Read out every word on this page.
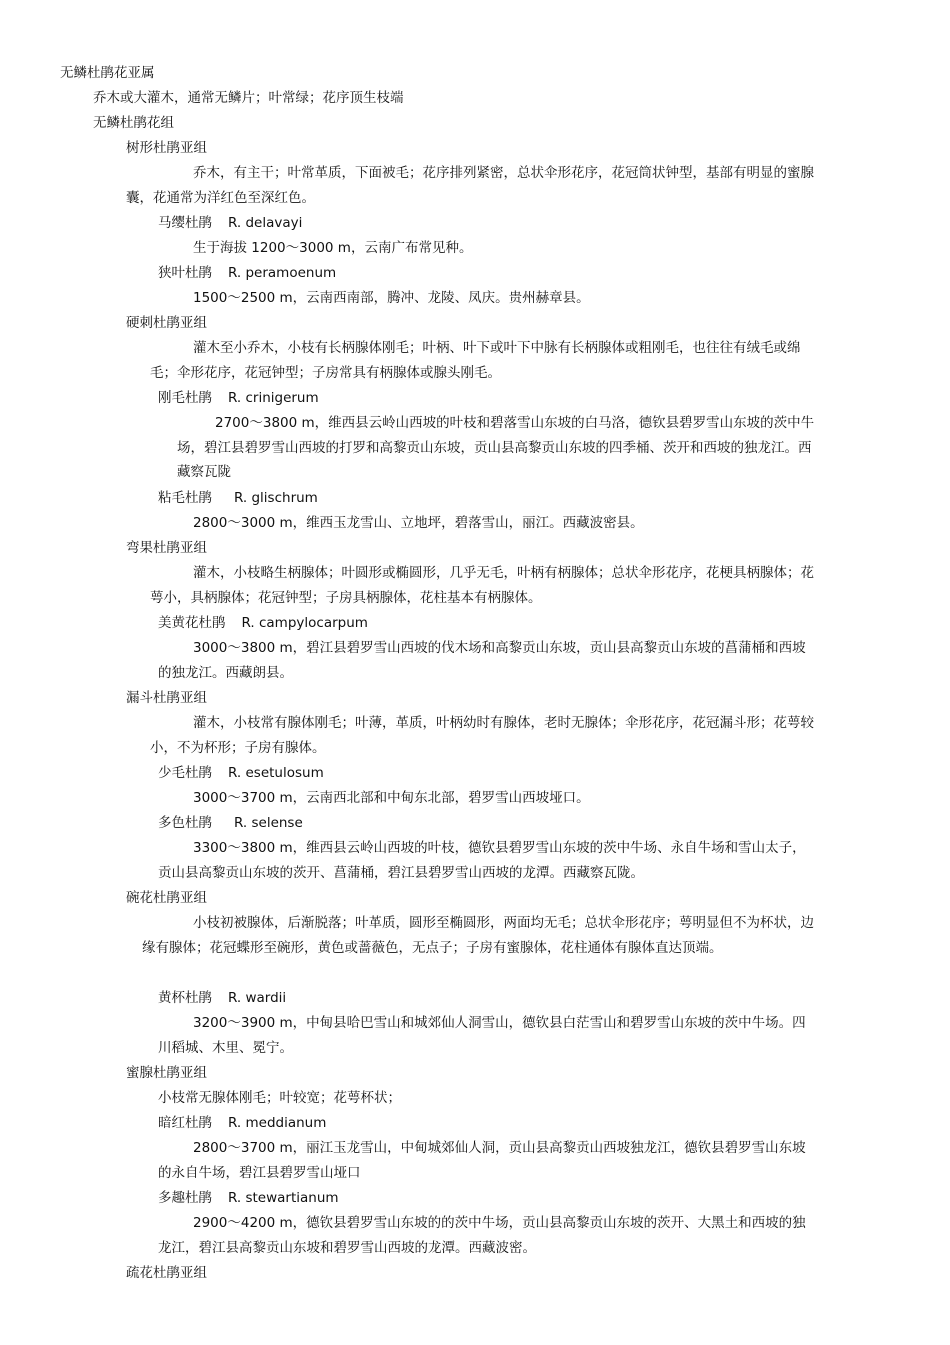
无鳞杜鹃花亚属
乔木或大灌木，通常无鳞片；叶常绿；花序顶生枝端
无鳞杜鹃花组
树形杜鹃亚组
乔木，有主干；叶常革质，下面被毛；花序排列紧密，总状伞形花序，花冠筒状钟型，基部有明显的蜜腺囊，花通常为洋红色至深红色。
马缨杜鹃 R. delavayi
生于海拔 1200～3000 m，云南广布常见种。
狭叶杜鹃 R. peramoenum
1500～2500 m，云南西南部，腾冲、龙陵、凤庆。贵州赫章县。
硬刺杜鹃亚组
灌木至小乔木，小枝有长柄腺体刚毛；叶柄、叶下或叶下中脉有长柄腺体或粗刚毛，也往往有绒毛或绵毛；伞形花序，花冠钟型；子房常具有柄腺体或腺头刚毛。
刚毛杜鹃 R. crinigerum
2700～3800 m，维西县云岭山西坡的叶枝和碧落雪山东坡的白马洛，德钦县碧罗雪山东坡的茨中牛场，碧江县碧罗雪山西坡的打罗和高黎贡山东坡，贡山县高黎贡山东坡的四季桶、茨开和西坡的独龙江。西藏察瓦陇
粘毛杜鹃 R. glischrum
2800～3000 m，维西玉龙雪山、立地坪，碧落雪山，丽江。西藏波密县。
弯果杜鹃亚组
灌木，小枝略生柄腺体；叶圆形或椭圆形，几乎无毛，叶柄有柄腺体；总状伞形花序，花梗具柄腺体；花萼小，具柄腺体；花冠钟型；子房具柄腺体，花柱基本有柄腺体。
美黄花杜鹃 R. campylocarpum
3000～3800 m，碧江县碧罗雪山西坡的伐木场和高黎贡山东坡，贡山县高黎贡山东坡的菖蒲桶和西坡的独龙江。西藏朗县。
漏斗杜鹃亚组
灌木，小枝常有腺体刚毛；叶薄，革质，叶柄幼时有腺体，老时无腺体；伞形花序，花冠漏斗形；花萼较小，不为杯形；子房有腺体。
少毛杜鹃 R. esetulosum
3000～3700 m，云南西北部和中甸东北部，碧罗雪山西坡垭口。
多色杜鹃 R. selense
3300～3800 m，维西县云岭山西坡的叶枝，德钦县碧罗雪山东坡的茨中牛场、永自牛场和雪山太子，贡山县高黎贡山东坡的茨开、菖蒲桶，碧江县碧罗雪山西坡的龙潭。西藏察瓦陇。
碗花杜鹃亚组
小枝初被腺体，后渐脱落；叶革质，圆形至椭圆形，两面均无毛；总状伞形花序；萼明显但不为杯状，边缘有腺体；花冠蝶形至碗形，黄色或蔷薇色，无点子；子房有蜜腺体，花柱通体有腺体直达顶端。
黄杯杜鹃 R. wardii
3200～3900 m，中甸县哈巴雪山和城郊仙人洞雪山，德钦县白茫雪山和碧罗雪山东坡的茨中牛场。四川稻城、木里、冕宁。
蜜腺杜鹃亚组
小枝常无腺体刚毛；叶较宽；花萼杯状；
暗红杜鹃 R. meddianum
2800～3700 m，丽江玉龙雪山，中甸城郊仙人洞，贡山县高黎贡山西坡独龙江，德钦县碧罗雪山东坡的永自牛场，碧江县碧罗雪山垭口
多趣杜鹃 R. stewartianum
2900～4200 m，德钦县碧罗雪山东坡的的茨中牛场，贡山县高黎贡山东坡的茨开、大黑土和西坡的独龙江，碧江县高黎贡山东坡和碧罗雪山西坡的龙潭。西藏波密。
疏花杜鹃亚组
